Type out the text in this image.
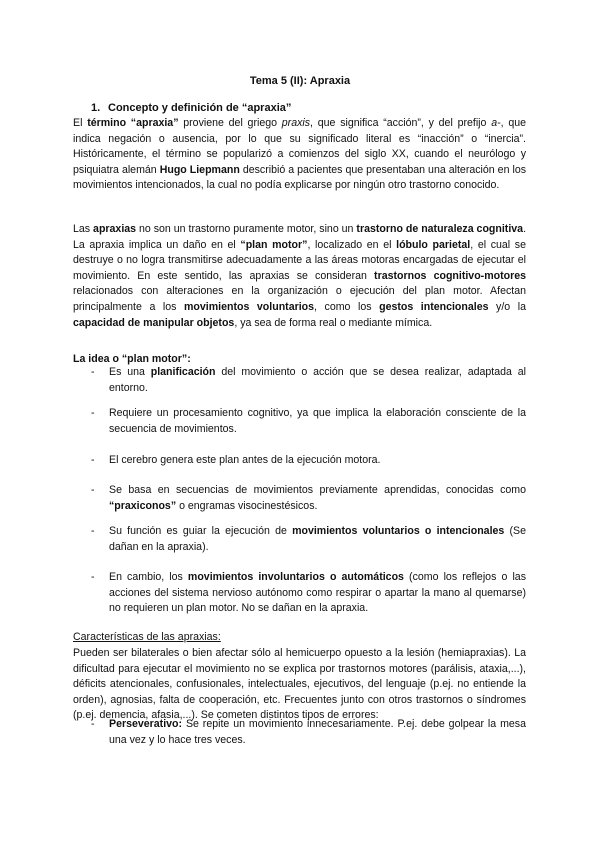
Tema 5 (II): Apraxia
1. Concepto y definición de “apraxia”
El término “apraxia” proviene del griego praxis, que significa “acción”, y del prefijo a-, que indica negación o ausencia, por lo que su significado literal es “inacción” o “inercia”. Históricamente, el término se popularizó a comienzos del siglo XX, cuando el neurólogo y psiquiatra alemán Hugo Liepmann describió a pacientes que presentaban una alteración en los movimientos intencionados, la cual no podía explicarse por ningún otro trastorno conocido.
Las apraxias no son un trastorno puramente motor, sino un trastorno de naturaleza cognitiva. La apraxia implica un daño en el “plan motor”, localizado en el lóbulo parietal, el cual se destruye o no logra transmitirse adecuadamente a las áreas motoras encargadas de ejecutar el movimiento. En este sentido, las apraxias se consideran trastornos cognitivo-motores relacionados con alteraciones en la organización o ejecución del plan motor. Afectan principalmente a los movimientos voluntarios, como los gestos intencionales y/o la capacidad de manipular objetos, ya sea de forma real o mediante mímica.
La idea o “plan motor”:
-	Es una planificación del movimiento o acción que se desea realizar, adaptada al entorno.
-	Requiere un procesamiento cognitivo, ya que implica la elaboración consciente de la secuencia de movimientos.
-	El cerebro genera este plan antes de la ejecución motora.
-	Se basa en secuencias de movimientos previamente aprendidas, conocidas como “praxiconos” o engramas visocinestésicos.
-	Su función es guiar la ejecución de movimientos voluntarios o intencionales (Se dañan en la apraxia).
-	En cambio, los movimientos involuntarios o automáticos (como los reflejos o las acciones del sistema nervioso autónomo como respirar o apartar la mano al quemarse) no requieren un plan motor. No se dañan en la apraxia.
Características de las apraxias:
Pueden ser bilaterales o bien afectar sólo al hemicuerpo opuesto a la lesión (hemiapraxias). La dificultad para ejecutar el movimiento no se explica por trastornos motores (parálisis, ataxia,...), déficits atencionales, confusionales, intelectuales, ejecutivos, del lenguaje (p.ej. no entiende la orden), agnosias, falta de cooperación, etc. Frecuentes junto con otros trastornos o síndromes (p.ej. demencia, afasia,...). Se cometen distintos tipos de errores:
-	Perseverativo: Se repite un movimiento innecesariamente. P.ej. debe golpear la mesa una vez y lo hace tres veces.
